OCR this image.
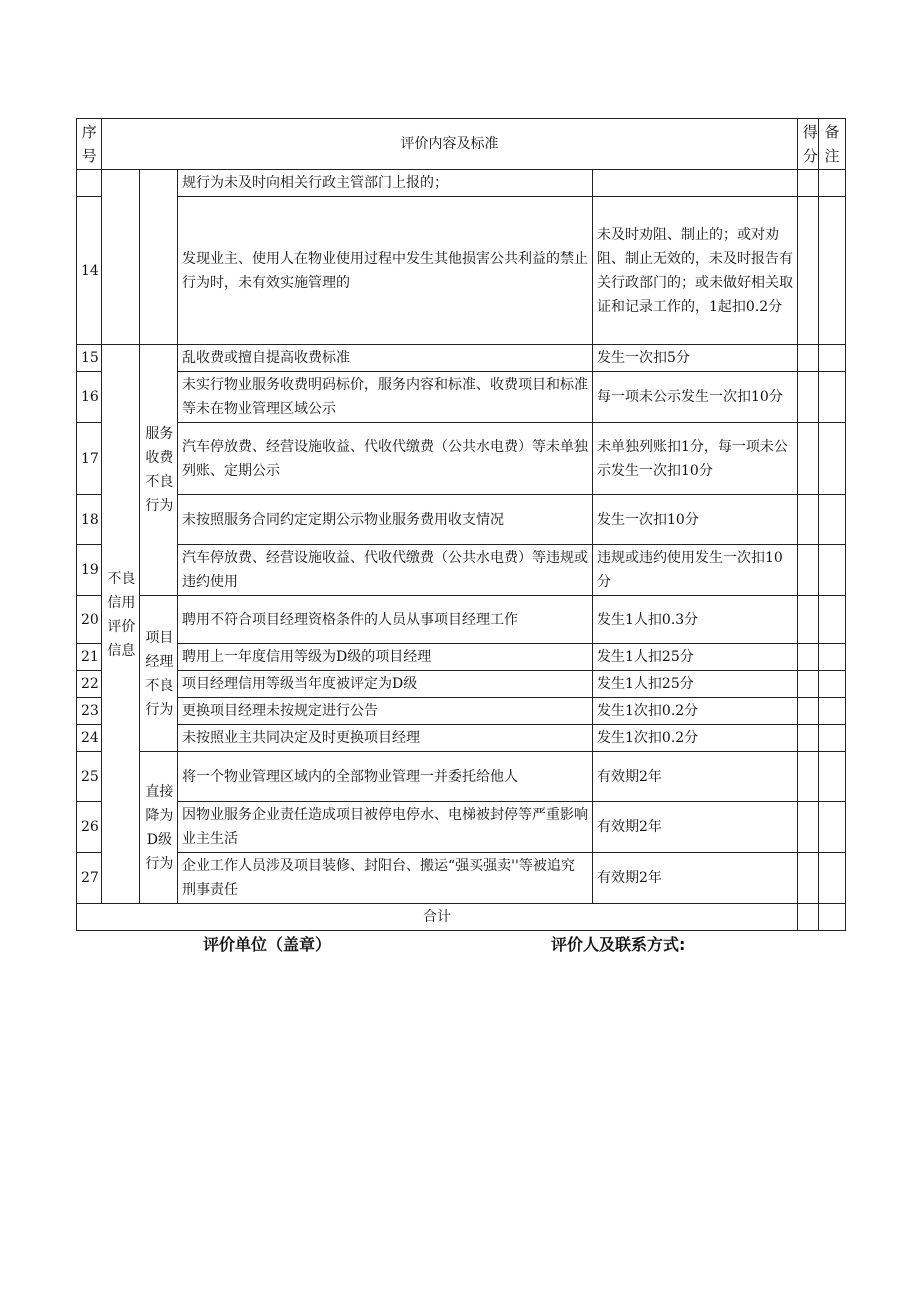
序号	评价内容及标准				得分	备注
			规行为未及时向相关行政主管部门上报的；			
14			发现业主、使用人在物业使用过程中发生其他损害公共利益的禁止行为时，未有效实施管理的	未及时劝阻、制止的；或对劝阻、制止无效的，未及时报告有关行政部门的；或未做好相关取证和记录工作的，1起扣0.2分		
15	不良信用评价信息	服务收费不良行为	乱收费或擅自提高收费标准	发生一次扣5分		
16			未实行物业服务收费明码标价，服务内容和标准、收费项目和标准等未在物业管理区域公示	每一项未公示发生一次扣10分		
17			汽车停放费、经营设施收益、代收代缴费（公共水电费）等未单独列账、定期公示	未单独列账扣1分，每一项未公示发生一次扣10分		
18			未按照服务合同约定定期公示物业服务费用收支情况	发生一次扣10分		
19			汽车停放费、经营设施收益、代收代缴费（公共水电费）等违规或违约使用	违规或违约使用发生一次扣10分		
20		项目经理不良行为	聘用不符合项目经理资格条件的人员从事项目经理工作	发生1人扣0.3分		
21			聘用上一年度信用等级为D级的项目经理	发生1人扣25分		
22			项目经理信用等级当年度被评定为D级	发生1人扣25分		
23			更换项目经理未按规定进行公告	发生1次扣0.2分		
24			未按照业主共同决定及时更换项目经理	发生1次扣0.2分		
25		直接降为D级行为	将一个物业管理区域内的全部物业管理一并委托给他人	有效期2年		
26			因物业服务企业责任造成项目被停电停水、电梯被封停等严重影响业主生活	有效期2年		
27			企业工作人员涉及项目装修、封阳台、搬运“强买强卖''等被追究刑事责任	有效期2年		
合计						
评价单位（盖章）	评价人及联系方式:
